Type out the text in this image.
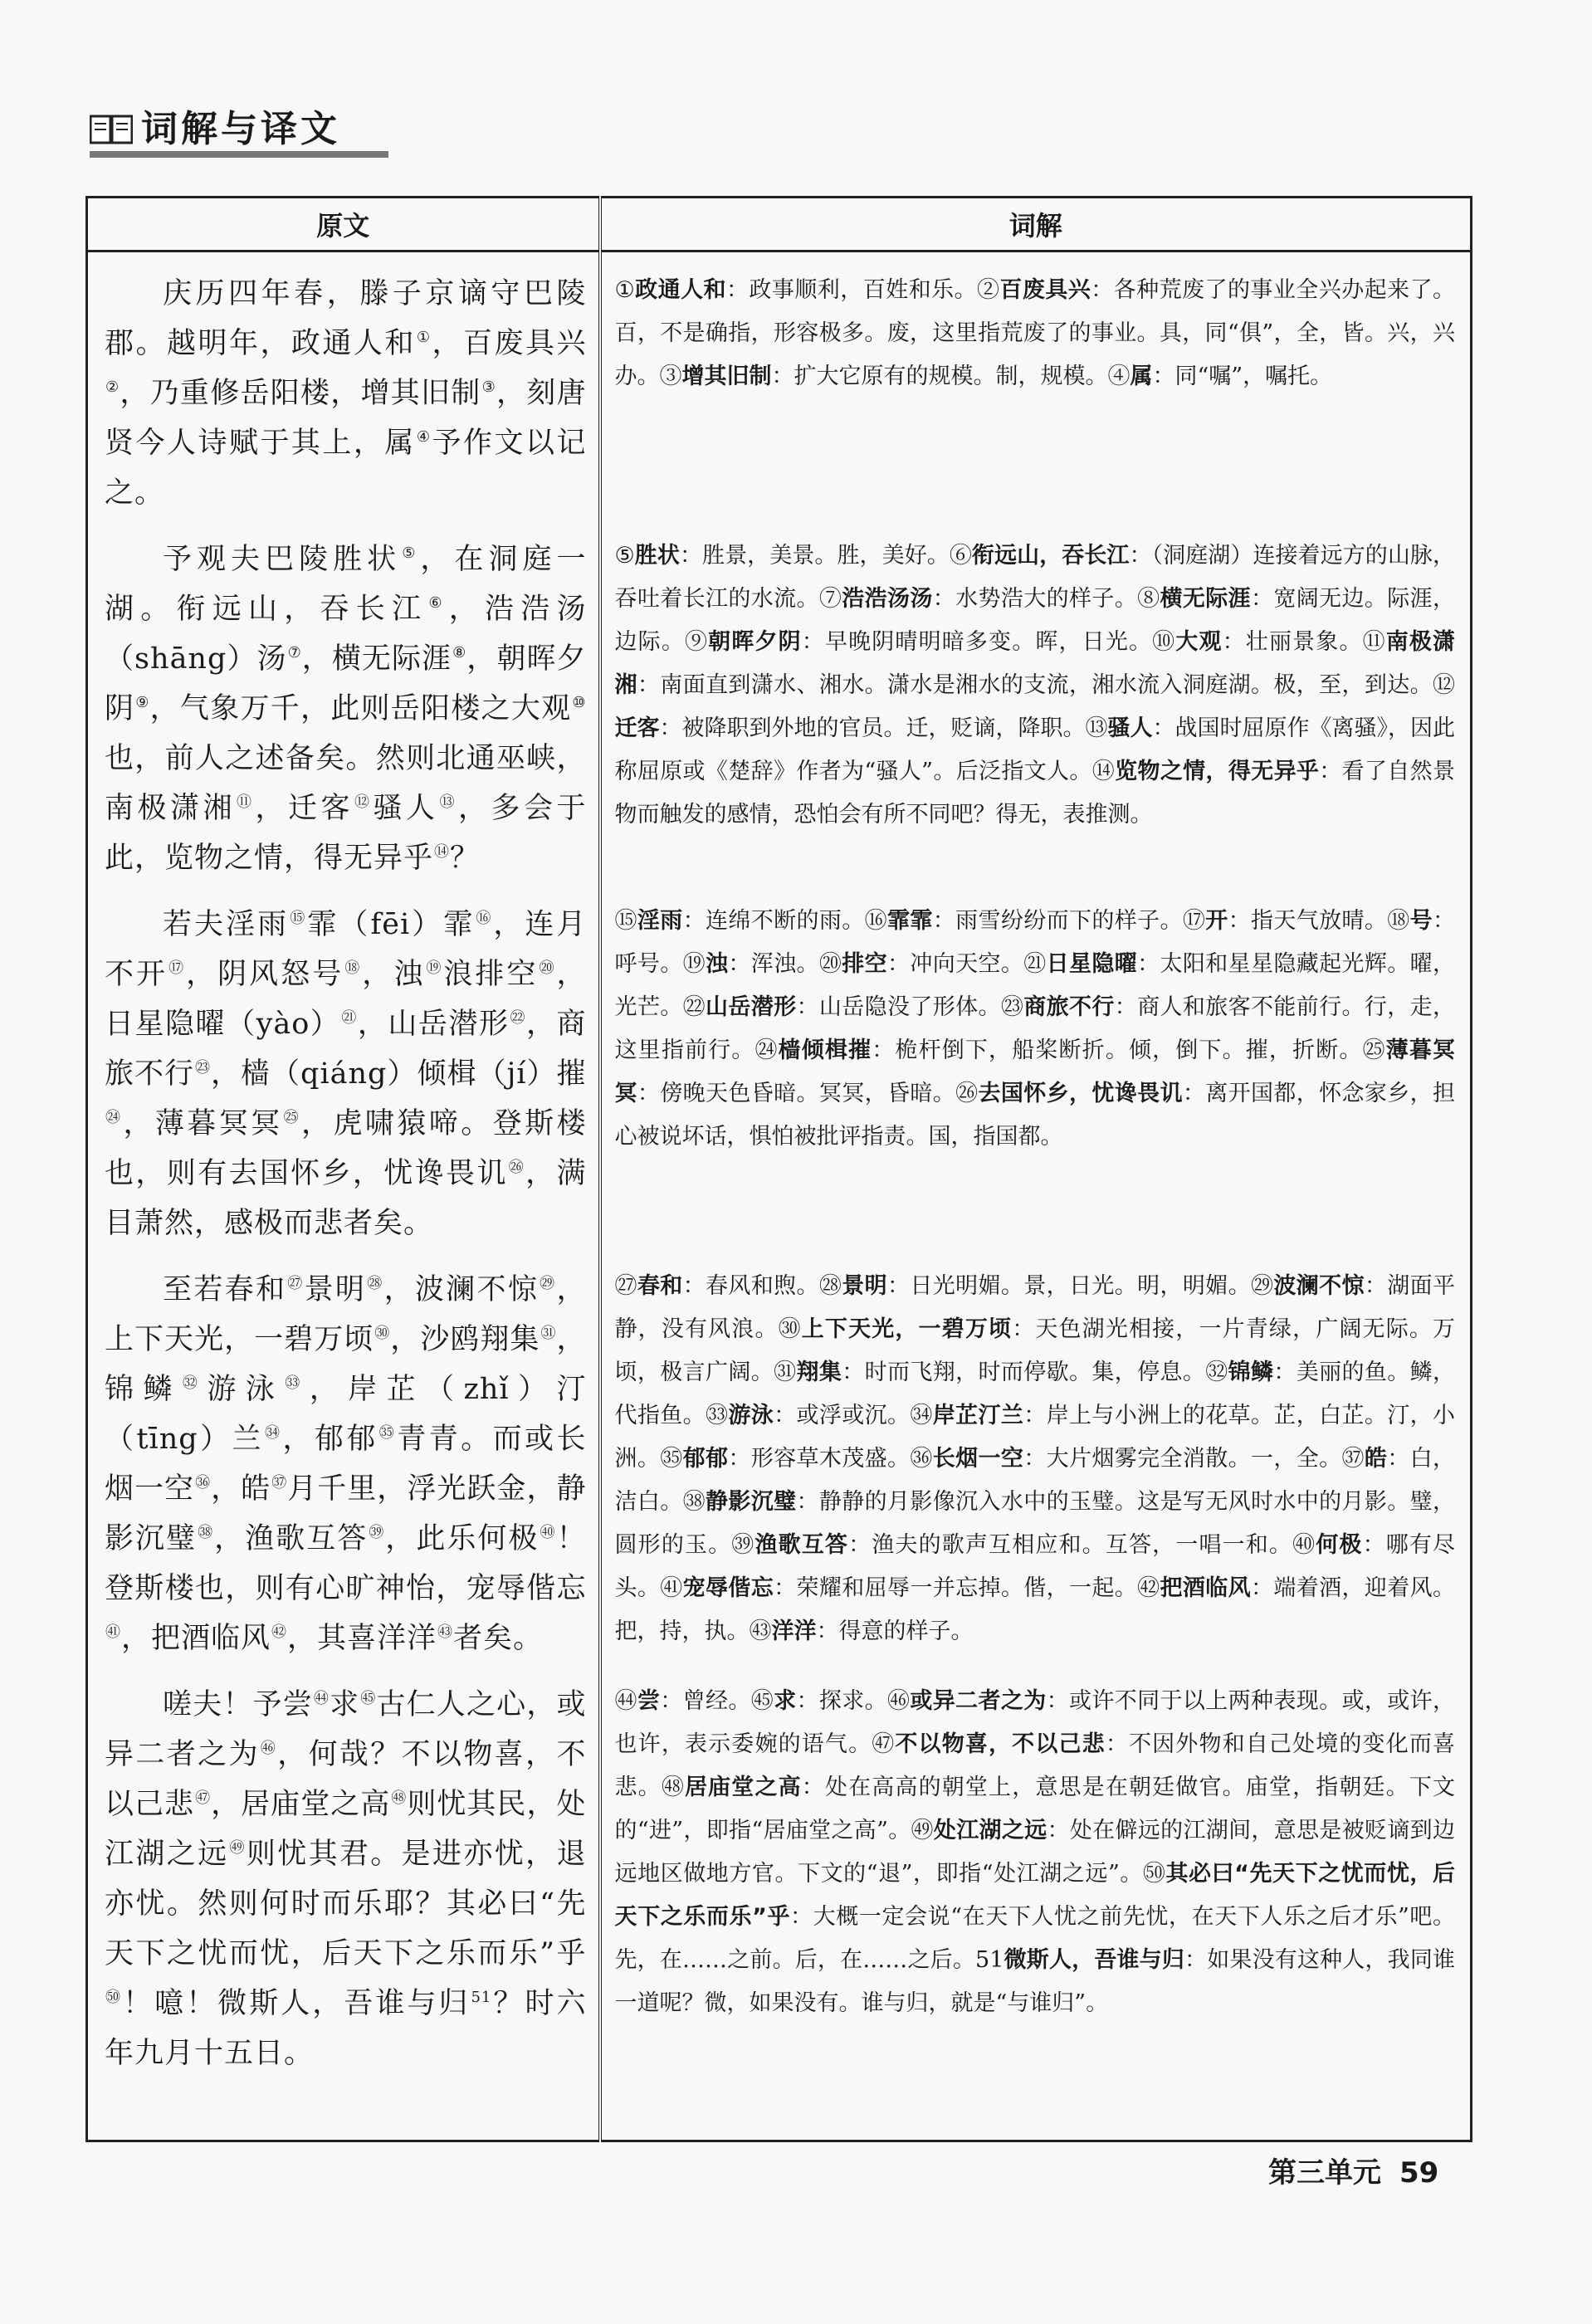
词解与译文
原文	词解

庆历四年春，滕子京谪守巴陵郡。越明年，政通人和①，百废具兴②，乃重修岳阳楼，增其旧制③，刻唐贤今人诗赋于其上，属④予作文以记之。	①政通人和：政事顺利，百姓和乐。②百废具兴：各种荒废了的事业全兴办起来了。百，不是确指，形容极多。废，这里指荒废了的事业。具，同“俱”，全，皆。兴，兴办。③增其旧制：扩大它原有的规模。制，规模。④属：同“嘱”，嘱托。

予观夫巴陵胜状⑤，在洞庭一湖。衔远山，吞长江⑥，浩浩汤（shāng）汤⑦，横无际涯⑧，朝晖夕阴⑨，气象万千，此则岳阳楼之大观⑩也，前人之述备矣。然则北通巫峡，南极潇湘⑪，迁客⑫骚人⑬，多会于此，览物之情，得无异乎⑭？	⑤胜状：胜景，美景。胜，美好。⑥衔远山，吞长江：（洞庭湖）连接着远方的山脉，吞吐着长江的水流。⑦浩浩汤汤：水势浩大的样子。⑧横无际涯：宽阔无边。际涯，边际。⑨朝晖夕阴：早晚阴晴明暗多变。晖，日光。⑩大观：壮丽景象。⑪南极潇湘：南面直到潇水、湘水。潇水是湘水的支流，湘水流入洞庭湖。极，至，到达。⑫迁客：被降职到外地的官员。迁，贬谪，降职。⑬骚人：战国时屈原作《离骚》，因此称屈原或《楚辞》作者为“骚人”。后泛指文人。⑭览物之情，得无异乎：看了自然景物而触发的感情，恐怕会有所不同吧？得无，表推测。

若夫淫雨⑮霏（fēi）霏⑯，连月不开⑰，阴风怒号⑱，浊⑲浪排空⑳，日星隐曜（yào）$^㉑$，山岳潜形$^㉒$，商旅不行$^㉓$，樯（qiáng）倾楫（jí）摧$^㉔$，薄暮冥冥$^㉕$，虎啸猿啼。登斯楼也，则有去国怀乡，忧谗畏讥$^㉖$，满目萧然，感极而悲者矣。	⑮淫雨：连绵不断的雨。⑯霏霏：雨雪纷纷而下的样子。⑰开：指天气放晴。⑱号：呼号。⑲浊：浑浊。⑳排空：冲向天空。㉑日星隐曜：太阳和星星隐藏起光辉。曜，光芒。㉒山岳潜形：山岳隐没了形体。㉓商旅不行：商人和旅客不能前行。行，走，这里指前行。㉔樯倾楫摧：桅杆倒下，船桨断折。倾，倒下。摧，折断。㉕薄暮冥冥：傍晚天色昏暗。冥冥，昏暗。㉖去国怀乡，忧谗畏讥：离开国都，怀念家乡，担心被说坏话，惧怕被批评指责。国，指国都。

至若春和$^㉗$景明$^㉘$，波澜不惊$^㉙$，上下天光，一碧万顷$^㉚$，沙鸥翔集$^㉛$，锦鳞$^㉜$游泳$^㉝$，岸芷（zhǐ）汀（tīng）兰$^㉞$，郁郁$^㉟$青青。而或长烟一空$^㊱$，皓$^㊲$月千里，浮光跃金，静影沉璧$^㊳$，渔歌互答$^㊴$，此乐何极$^㊵$！登斯楼也，则有心旷神怡，宠辱偕忘$^㊶$，把酒临风$^㊷$，其喜洋洋$^㊸$者矣。	㉗春和：春风和煦。㉘景明：日光明媚。景，日光。明，明媚。㉙波澜不惊：湖面平静，没有风浪。㉚上下天光，一碧万顷：天色湖光相接，一片青绿，广阔无际。万顷，极言广阔。㉛翔集：时而飞翔，时而停歇。集，停息。㉜锦鳞：美丽的鱼。鳞，代指鱼。㉝游泳：或浮或沉。㉞岸芷汀兰：岸上与小洲上的花草。芷，白芷。汀，小洲。㉟郁郁：形容草木茂盛。㊱长烟一空：大片烟雾完全消散。一，全。㊲皓：白，洁白。㊳静影沉璧：静静的月影像沉入水中的玉璧。这是写无风时水中的月影。璧，圆形的玉。㊴渔歌互答：渔夫的歌声互相应和。互答，一唱一和。㊵何极：哪有尽头。㊶宠辱偕忘：荣耀和屈辱一并忘掉。偕，一起。㊷把酒临风：端着酒，迎着风。把，持，执。㊸洋洋：得意的样子。

嗟夫！予尝$^㊹$求$^㊺$古仁人之心，或异二者之为$^㊻$，何哉？不以物喜，不以己悲$^㊼$，居庙堂之高$^㊽$则忧其民，处江湖之远$^㊾$则忧其君。是进亦忧，退亦忧。然则何时而乐耶？其必曰“先天下之忧而忧，后天下之乐而乐”乎$^㊿$！噫！微斯人，吾谁与归$^{51}$？时六年九月十五日。	㊹尝：曾经。㊺求：探求。㊻或异二者之为：或许不同于以上两种表现。或，或许，也许，表示委婉的语气。㊼不以物喜，不以己悲：不因外物和自己处境的变化而喜悲。㊽居庙堂之高：处在高高的朝堂上，意思是在朝廷做官。庙堂，指朝廷。下文的“进”，即指“居庙堂之高”。㊾处江湖之远：处在僻远的江湖间，意思是被贬谪到边远地区做地方官。下文的“退”，即指“处江湖之远”。㊿其必曰“先天下之忧而忧，后天下之乐而乐”乎：大概一定会说“在天下人忧之前先忧，在天下人乐之后才乐”吧。先，在……之前。后，在……之后。51微斯人，吾谁与归：如果没有这种人，我同谁一道呢？微，如果没有。谁与归，就是“与谁归”。

第三单元 59
